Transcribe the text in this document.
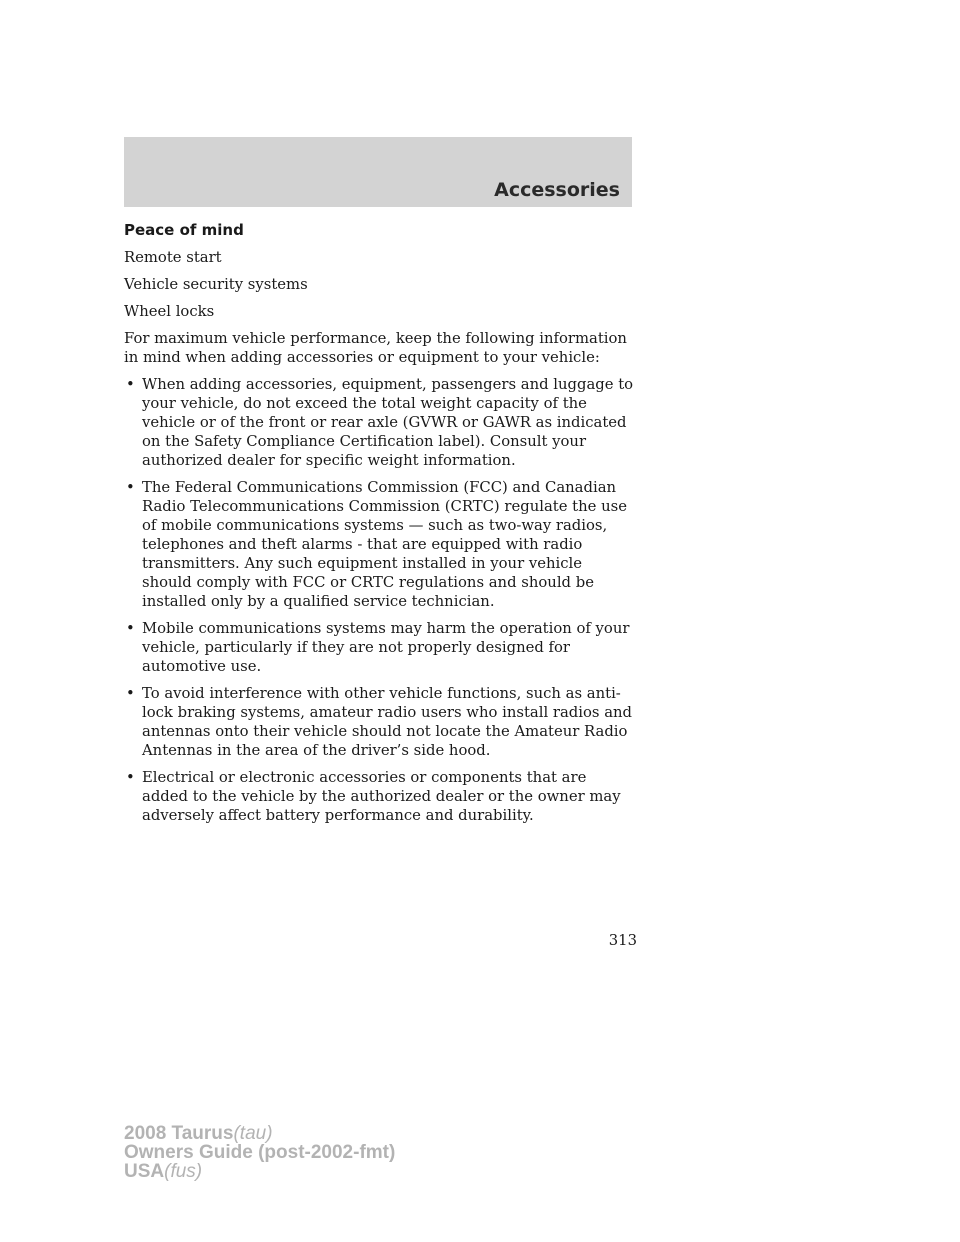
Accessories
Peace of mind

Remote start

Vehicle security systems

Wheel locks

For maximum vehicle performance, keep the following information in mind when adding accessories or equipment to your vehicle:

• When adding accessories, equipment, passengers and luggage to your vehicle, do not exceed the total weight capacity of the vehicle or of the front or rear axle (GVWR or GAWR as indicated on the Safety Compliance Certification label). Consult your authorized dealer for specific weight information.
• The Federal Communications Commission (FCC) and Canadian Radio Telecommunications Commission (CRTC) regulate the use of mobile communications systems — such as two-way radios, telephones and theft alarms - that are equipped with radio transmitters. Any such equipment installed in your vehicle should comply with FCC or CRTC regulations and should be installed only by a qualified service technician.
• Mobile communications systems may harm the operation of your vehicle, particularly if they are not properly designed for automotive use.
• To avoid interference with other vehicle functions, such as anti-lock braking systems, amateur radio users who install radios and antennas onto their vehicle should not locate the Amateur Radio Antennas in the area of the driver’s side hood.
• Electrical or electronic accessories or components that are added to the vehicle by the authorized dealer or the owner may adversely affect battery performance and durability.
313
2008 Taurus(tau)
Owners Guide (post-2002-fmt)
USA(fus)
